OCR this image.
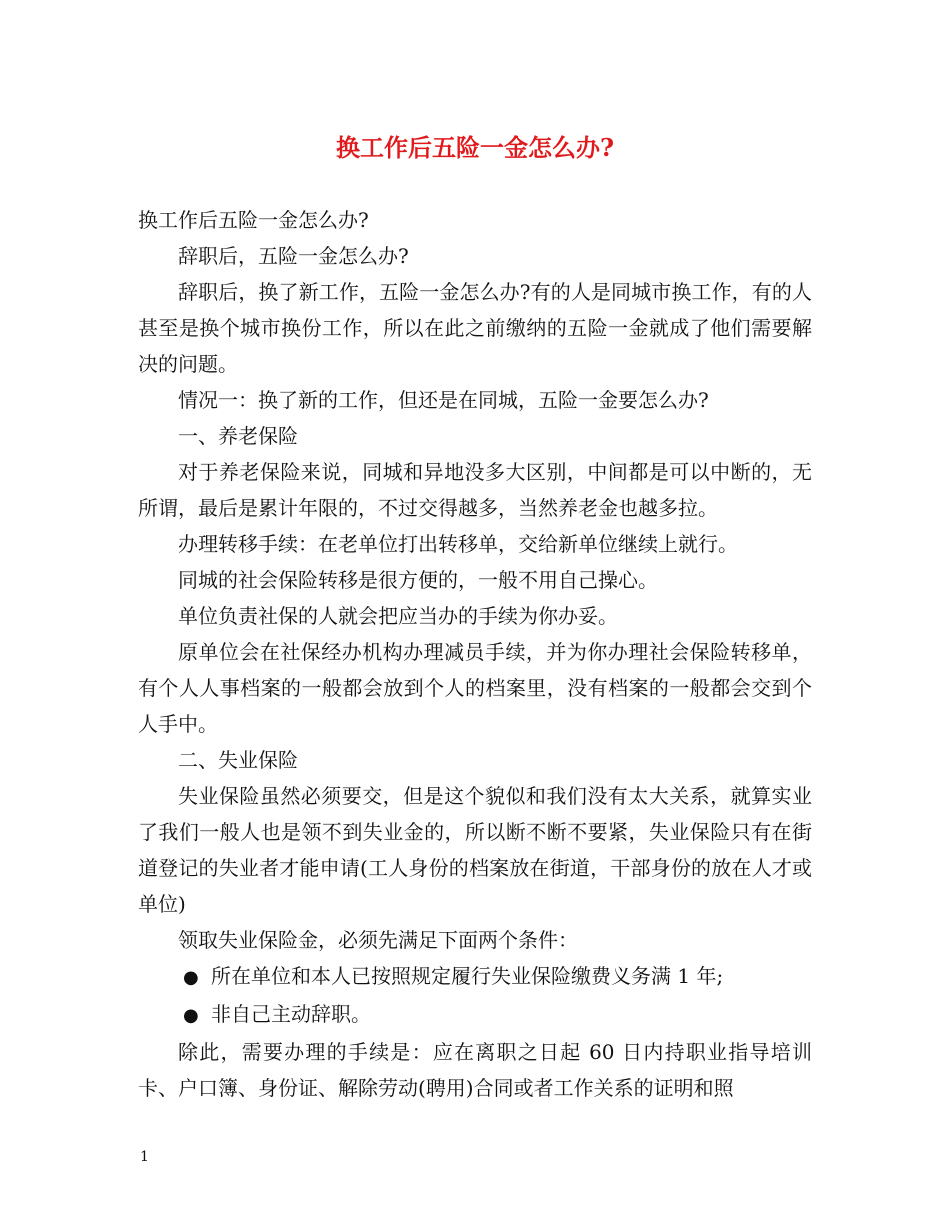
换工作后五险一金怎么办?

换工作后五险一金怎么办?

辞职后，五险一金怎么办?

辞职后，换了新工作，五险一金怎么办?有的人是同城市换工作，有的人甚至是换个城市换份工作，所以在此之前缴纳的五险一金就成了他们需要解决的问题。

情况一：换了新的工作，但还是在同城，五险一金要怎么办?

一、养老保险

对于养老保险来说，同城和异地没多大区别，中间都是可以中断的，无所谓，最后是累计年限的，不过交得越多，当然养老金也越多拉。

办理转移手续：在老单位打出转移单，交给新单位继续上就行。

同城的社会保险转移是很方便的，一般不用自己操心。

单位负责社保的人就会把应当办的手续为你办妥。

原单位会在社保经办机构办理减员手续，并为你办理社会保险转移单，有个人人事档案的一般都会放到个人的档案里，没有档案的一般都会交到个人手中。

二、失业保险

失业保险虽然必须要交，但是这个貌似和我们没有太大关系，就算实业了我们一般人也是领不到失业金的，所以断不断不要紧，失业保险只有在街道登记的失业者才能申请(工人身份的档案放在街道，干部身份的放在人才或单位)

领取失业保险金，必须先满足下面两个条件：

● 所在单位和本人已按照规定履行失业保险缴费义务满 1 年;

● 非自己主动辞职。

除此，需要办理的手续是：应在离职之日起 60 日内持职业指导培训卡、户口簿、身份证、解除劳动(聘用)合同或者工作关系的证明和照

1
